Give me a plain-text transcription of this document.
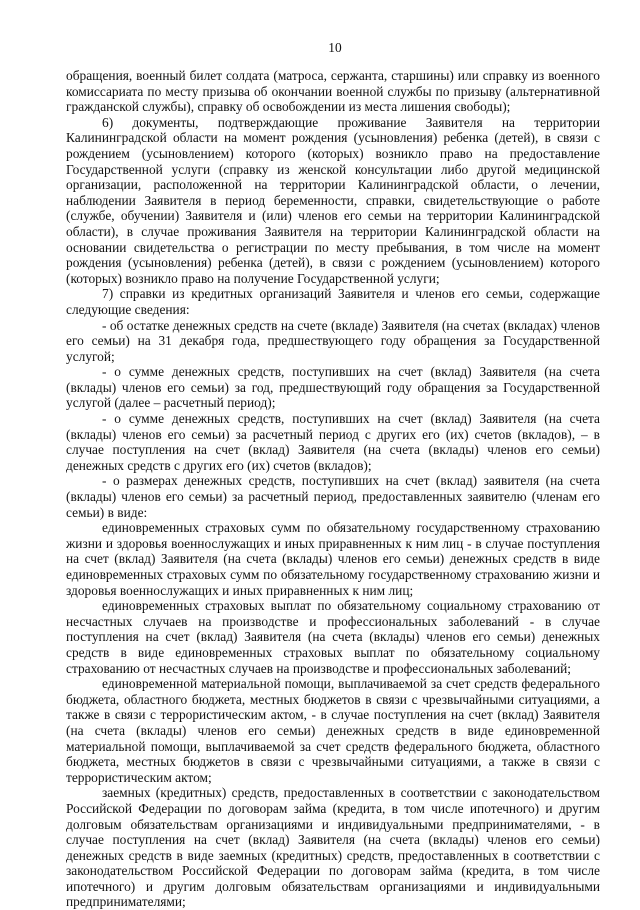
10

обращения, военный билет солдата (матроса, сержанта, старшины) или справку из военного комиссариата по месту призыва об окончании военной службы по призыву (альтернативной гражданской службы), справку об освобождении из места лишения свободы);

6) документы, подтверждающие проживание Заявителя на территории Калининградской области на момент рождения (усыновления) ребенка (детей), в связи с рождением (усыновлением) которого (которых) возникло право на предоставление Государственной услуги (справку из женской консультации либо другой медицинской организации, расположенной на территории Калининградской области, о лечении, наблюдении Заявителя в период беременности, справки, свидетельствующие о работе (службе, обучении) Заявителя и (или) членов его семьи на территории Калининградской области), в случае проживания Заявителя на территории Калининградской области на основании свидетельства о регистрации по месту пребывания, в том числе на момент рождения (усыновления) ребенка (детей), в связи с рождением (усыновлением) которого (которых) возникло право на получение Государственной услуги;

7) справки из кредитных организаций Заявителя и членов его семьи, содержащие следующие сведения:

- об остатке денежных средств на счете (вкладе) Заявителя (на счетах (вкладах) членов его семьи) на 31 декабря года, предшествующего году обращения за Государственной услугой;

- о сумме денежных средств, поступивших на счет (вклад) Заявителя (на счета (вклады) членов его семьи) за год, предшествующий году обращения за Государственной услугой (далее – расчетный период);

- о сумме денежных средств, поступивших на счет (вклад) Заявителя (на счета (вклады) членов его семьи) за расчетный период с других его (их) счетов (вкладов), – в случае поступления на счет (вклад) Заявителя (на счета (вклады) членов его семьи) денежных средств с других его (их) счетов (вкладов);

- о размерах денежных средств, поступивших на счет (вклад) заявителя (на счета (вклады) членов его семьи) за расчетный период, предоставленных заявителю (членам его семьи) в виде:

единовременных страховых сумм по обязательному государственному страхованию жизни и здоровья военнослужащих и иных приравненных к ним лиц - в случае поступления на счет (вклад) Заявителя (на счета (вклады) членов его семьи) денежных средств в виде единовременных страховых сумм по обязательному государственному страхованию жизни и здоровья военнослужащих и иных приравненных к ним лиц;

единовременных страховых выплат по обязательному социальному страхованию от несчастных случаев на производстве и профессиональных заболеваний - в случае поступления на счет (вклад) Заявителя (на счета (вклады) членов его семьи) денежных средств в виде единовременных страховых выплат по обязательному социальному страхованию от несчастных случаев на производстве и профессиональных заболеваний;

единовременной материальной помощи, выплачиваемой за счет средств федерального бюджета, областного бюджета, местных бюджетов в связи с чрезвычайными ситуациями, а также в связи с террористическим актом, - в случае поступления на счет (вклад) Заявителя (на счета (вклады) членов его семьи) денежных средств в виде единовременной материальной помощи, выплачиваемой за счет средств федерального бюджета, областного бюджета, местных бюджетов в связи с чрезвычайными ситуациями, а также в связи с террористическим актом;

заемных (кредитных) средств, предоставленных в соответствии с законодательством Российской Федерации по договорам займа (кредита, в том числе ипотечного) и другим долговым обязательствам организациями и индивидуальными предпринимателями, - в случае поступления на счет (вклад) Заявителя (на счета (вклады) членов его семьи) денежных средств в виде заемных (кредитных) средств, предоставленных в соответствии с законодательством Российской Федерации по договорам займа (кредита, в том числе ипотечного) и другим долговым обязательствам организациями и индивидуальными предпринимателями;
